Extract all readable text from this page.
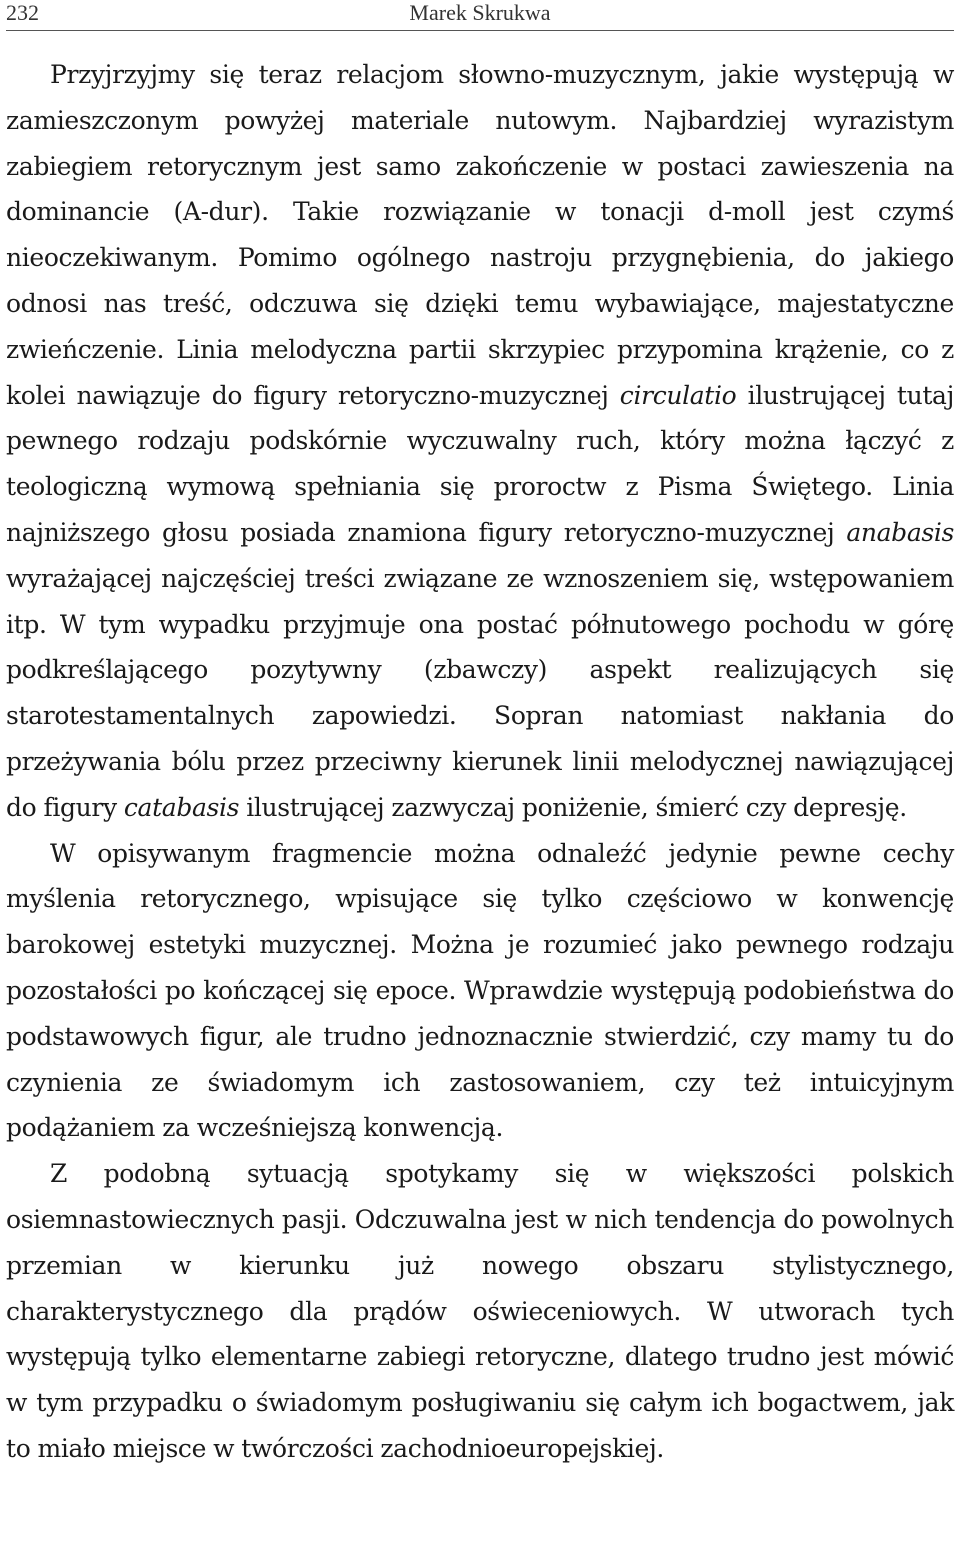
232	Marek Skrukwa

Przyjrzyjmy się teraz relacjom słowno-muzycznym, jakie występują w zamieszczonym powyżej materiale nutowym. Najbardziej wyrazistym zabiegiem retorycznym jest samo zakończenie w postaci zawieszenia na dominancie (A-dur). Takie rozwiązanie w tonacji d-moll jest czymś nieoczekiwanym. Pomimo ogólnego nastroju przygnębienia, do jakiego odnosi nas treść, odczuwa się dzięki temu wybawiające, majestatyczne zwieńczenie. Linia melodyczna partii skrzypiec przypomina krążenie, co z kolei nawiązuje do figury retoryczno-muzycznej circulatio ilustrującej tutaj pewnego rodzaju podskórnie wyczuwalny ruch, który można łączyć z teologiczną wymową spełniania się proroctw z Pisma Świętego. Linia najniższego głosu posiada znamiona figury retoryczno-muzycznej anabasis wyrażającej najczęściej treści związane ze wznoszeniem się, wstępowaniem itp. W tym wypadku przyjmuje ona postać półnutowego pochodu w górę podkreślającego pozytywny (zbawczy) aspekt realizujących się starotestamentalnych zapowiedzi. Sopran natomiast nakłania do przeżywania bólu przez przeciwny kierunek linii melodycznej nawiązującej do figury catabasis ilustrującej zazwyczaj poniżenie, śmierć czy depresję.

W opisywanym fragmencie można odnaleźć jedynie pewne cechy myślenia retorycznego, wpisujące się tylko częściowo w konwencję barokowej estetyki muzycznej. Można je rozumieć jako pewnego rodzaju pozostałości po kończącej się epoce. Wprawdzie występują podobieństwa do podstawowych figur, ale trudno jednoznacznie stwierdzić, czy mamy tu do czynienia ze świadomym ich zastosowaniem, czy też intuicyjnym podążaniem za wcześniejszą konwencją.

Z podobną sytuacją spotykamy się w większości polskich osiemnastowiecznych pasji. Odczuwalna jest w nich tendencja do powolnych przemian w kierunku już nowego obszaru stylistycznego, charakterystycznego dla prądów oświeceniowych. W utworach tych występują tylko elementarne zabiegi retoryczne, dlatego trudno jest mówić w tym przypadku o świadomym posługiwaniu się całym ich bogactwem, jak to miało miejsce w twórczości zachodnioeuropejskiej.
